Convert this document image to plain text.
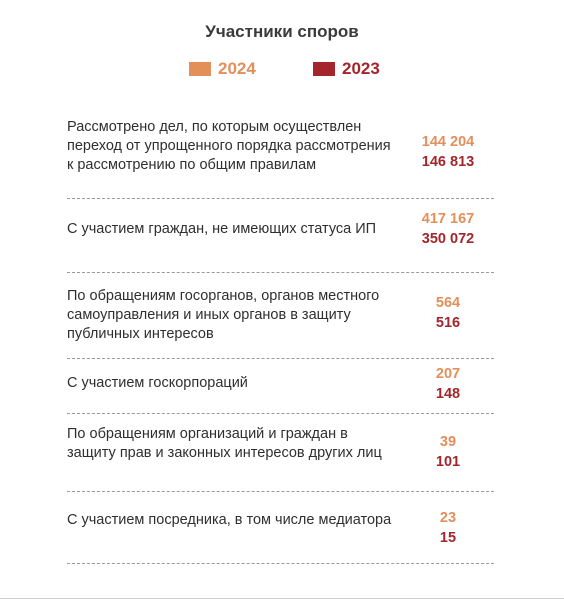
Участники споров
2024	2023
Рассмотрено дел, по которым осуществлен переход от упрощенного порядка рассмотрения к рассмотрению по общим правилам
144 204
146 813
С участием граждан, не имеющих статуса ИП
417 167
350 072
По обращениям госорганов, органов местного самоуправления и иных органов в защиту публичных интересов
564
516
С участием госкорпораций
207
148
По обращениям организаций и граждан в защиту прав и законных интересов других лиц
39
101
С участием посредника, в том числе медиатора	23
15
